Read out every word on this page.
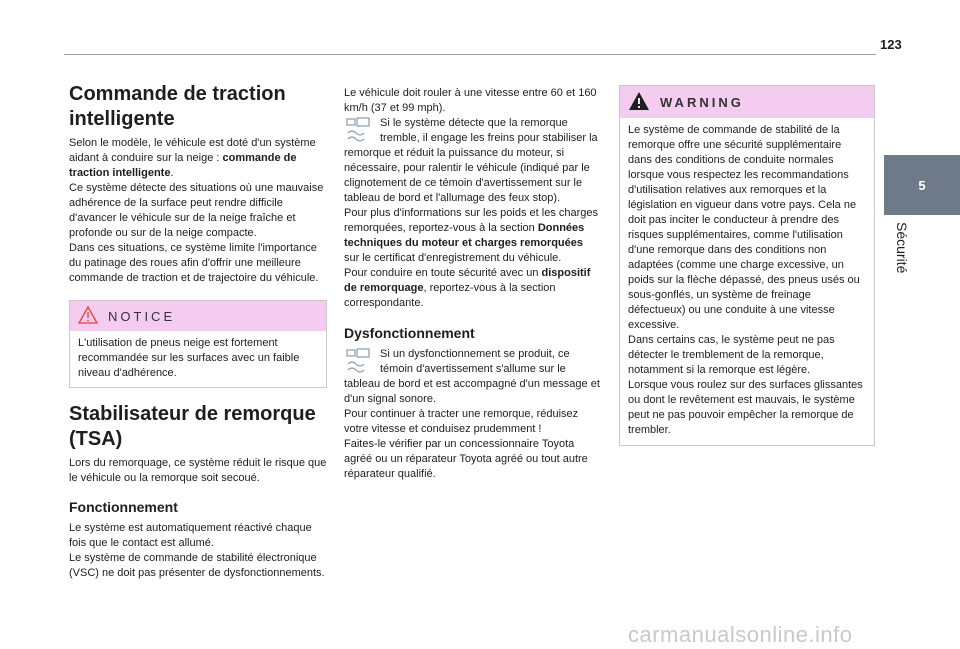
123
5
Sécurité
Commande de traction intelligente

Selon le modèle, le véhicule est doté d'un système aidant à conduire sur la neige : commande de traction intelligente.

Ce système détecte des situations où une mauvaise adhérence de la surface peut rendre difficile d'avancer le véhicule sur de la neige fraîche et profonde ou sur de la neige compacte.

Dans ces situations, ce système limite l'importance du patinage des roues afin d'offrir une meilleure commande de traction et de trajectoire du véhicule.

NOTICE
L'utilisation de pneus neige est fortement recommandée sur les surfaces avec un faible niveau d'adhérence.
Stabilisateur de remorque (TSA)

Lors du remorquage, ce système réduit le risque que le véhicule ou la remorque soit secoué.

Fonctionnement

Le système est automatiquement réactivé chaque fois que le contact est allumé.

Le système de commande de stabilité électronique (VSC) ne doit pas présenter de dysfonctionnements.

Le véhicule doit rouler à une vitesse entre 60 et 160 km/h (37 et 99 mph).

Si le système détecte que la remorque tremble, il engage les freins pour stabiliser la remorque et réduit la puissance du moteur, si nécessaire, pour ralentir le véhicule (indiqué par le clignotement de ce témoin d'avertissement sur le tableau de bord et l'allumage des feux stop).

Pour plus d'informations sur les poids et les charges remorquées, reportez-vous à la section Données techniques du moteur et charges remorquées sur le certificat d'enregistrement du véhicule.

Pour conduire en toute sécurité avec un dispositif de remorquage, reportez-vous à la section correspondante.

Dysfonctionnement
Si un dysfonctionnement se produit, ce témoin d'avertissement s'allume sur le tableau de bord et est accompagné d'un message et d'un signal sonore.

Pour continuer à tracter une remorque, réduisez votre vitesse et conduisez prudemment !

Faites-le vérifier par un concessionnaire Toyota agréé ou un réparateur Toyota agréé ou tout autre réparateur qualifié.

WARNING

Le système de commande de stabilité de la remorque offre une sécurité supplémentaire dans des conditions de conduite normales lorsque vous respectez les recommandations d'utilisation relatives aux remorques et la législation en vigueur dans votre pays. Cela ne doit pas inciter le conducteur à prendre des risques supplémentaires, comme l'utilisation d'une remorque dans des conditions non adaptées (comme une charge excessive, un poids sur la flèche dépassé, des pneus usés ou sous-gonflés, un système de freinage défectueux) ou une conduite à une vitesse excessive.

Dans certains cas, le système peut ne pas détecter le tremblement de la remorque, notamment si la remorque est légère.

Lorsque vous roulez sur des surfaces glissantes ou dont le revêtement est mauvais, le système peut ne pas pouvoir empêcher la remorque de trembler.

carmanualsonline.info
